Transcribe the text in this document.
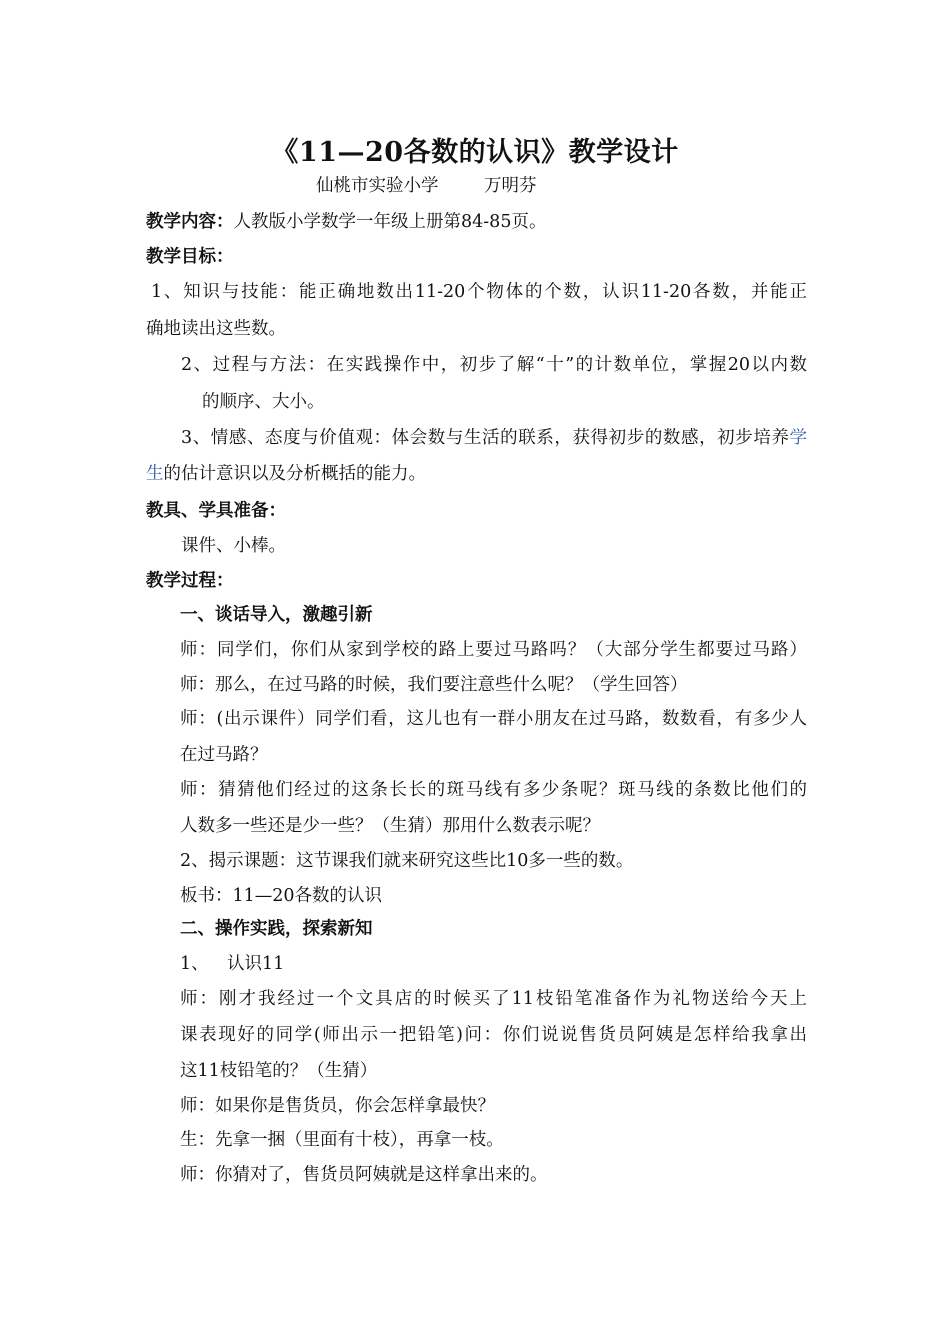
《11—20各数的认识》教学设计
仙桃市实验小学	万明芬
教学内容：人教版小学数学一年级上册第84-85页。
教学目标：
1、知识与技能：能正确地数出11-20个物体的个数，认识11-20各数，并能正
确地读出这些数。
2、过程与方法：在实践操作中，初步了解“十”的计数单位，掌握20以内数
的顺序、大小。
3、情感、态度与价值观：体会数与生活的联系，获得初步的数感，初步培养学
生的估计意识以及分析概括的能力。
教具、学具准备：
课件、小棒。
教学过程：
一、谈话导入，激趣引新
师：同学们，你们从家到学校的路上要过马路吗？（大部分学生都要过马路）
师：那么，在过马路的时候，我们要注意些什么呢？（学生回答）
师：(出示课件）同学们看，这儿也有一群小朋友在过马路，数数看，有多少人
在过马路？
师：猜猜他们经过的这条长长的斑马线有多少条呢？斑马线的条数比他们的
人数多一些还是少一些？（生猜）那用什么数表示呢？
2、揭示课题：这节课我们就来研究这些比10多一些的数。
板书：11—20各数的认识
二、操作实践，探索新知
1、 认识11
师：刚才我经过一个文具店的时候买了11枝铅笔准备作为礼物送给今天上
课表现好的同学(师出示一把铅笔)问：你们说说售货员阿姨是怎样给我拿出
这11枝铅笔的？（生猜）
师：如果你是售货员，你会怎样拿最快？
生：先拿一捆（里面有十枝），再拿一枝。
师：你猜对了，售货员阿姨就是这样拿出来的。
